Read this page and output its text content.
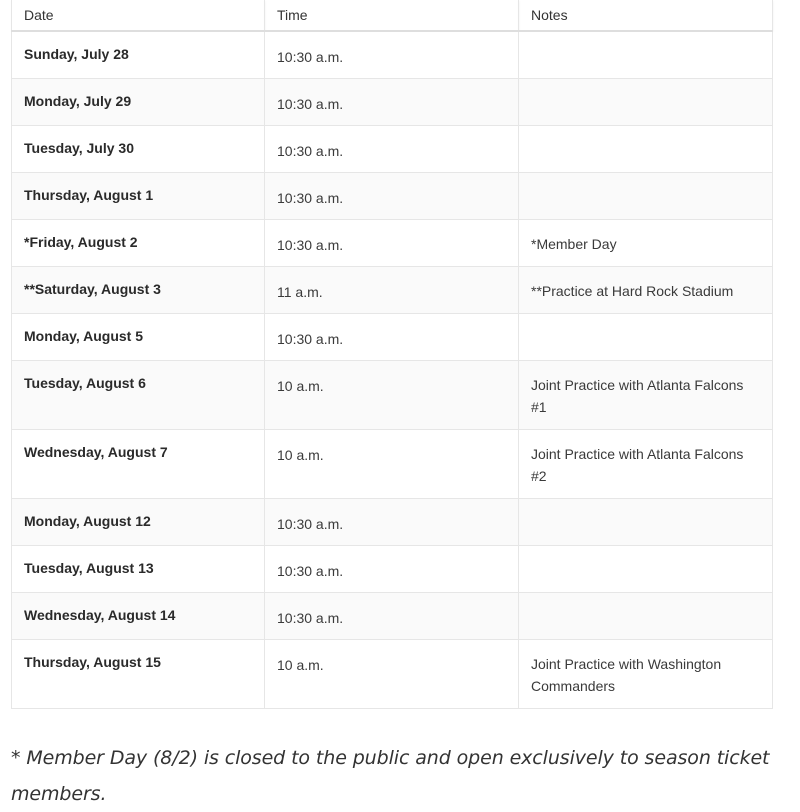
Date	Time	Notes
Sunday, July 28	10:30 a.m.	
Monday, July 29	10:30 a.m.	
Tuesday, July 30	10:30 a.m.	
Thursday, August 1	10:30 a.m.	
*Friday, August 2	10:30 a.m.	*Member Day
**Saturday, August 3	11 a.m.	**Practice at Hard Rock Stadium
Monday, August 5	10:30 a.m.	
Tuesday, August 6	10 a.m.	Joint Practice with Atlanta Falcons #1
Wednesday, August 7	10 a.m.	Joint Practice with Atlanta Falcons #2
Monday, August 12	10:30 a.m.	
Tuesday, August 13	10:30 a.m.	
Wednesday, August 14	10:30 a.m.	
Thursday, August 15	10 a.m.	Joint Practice with Washington Commanders

* Member Day (8/2) is closed to the public and open exclusively to season ticket members.
